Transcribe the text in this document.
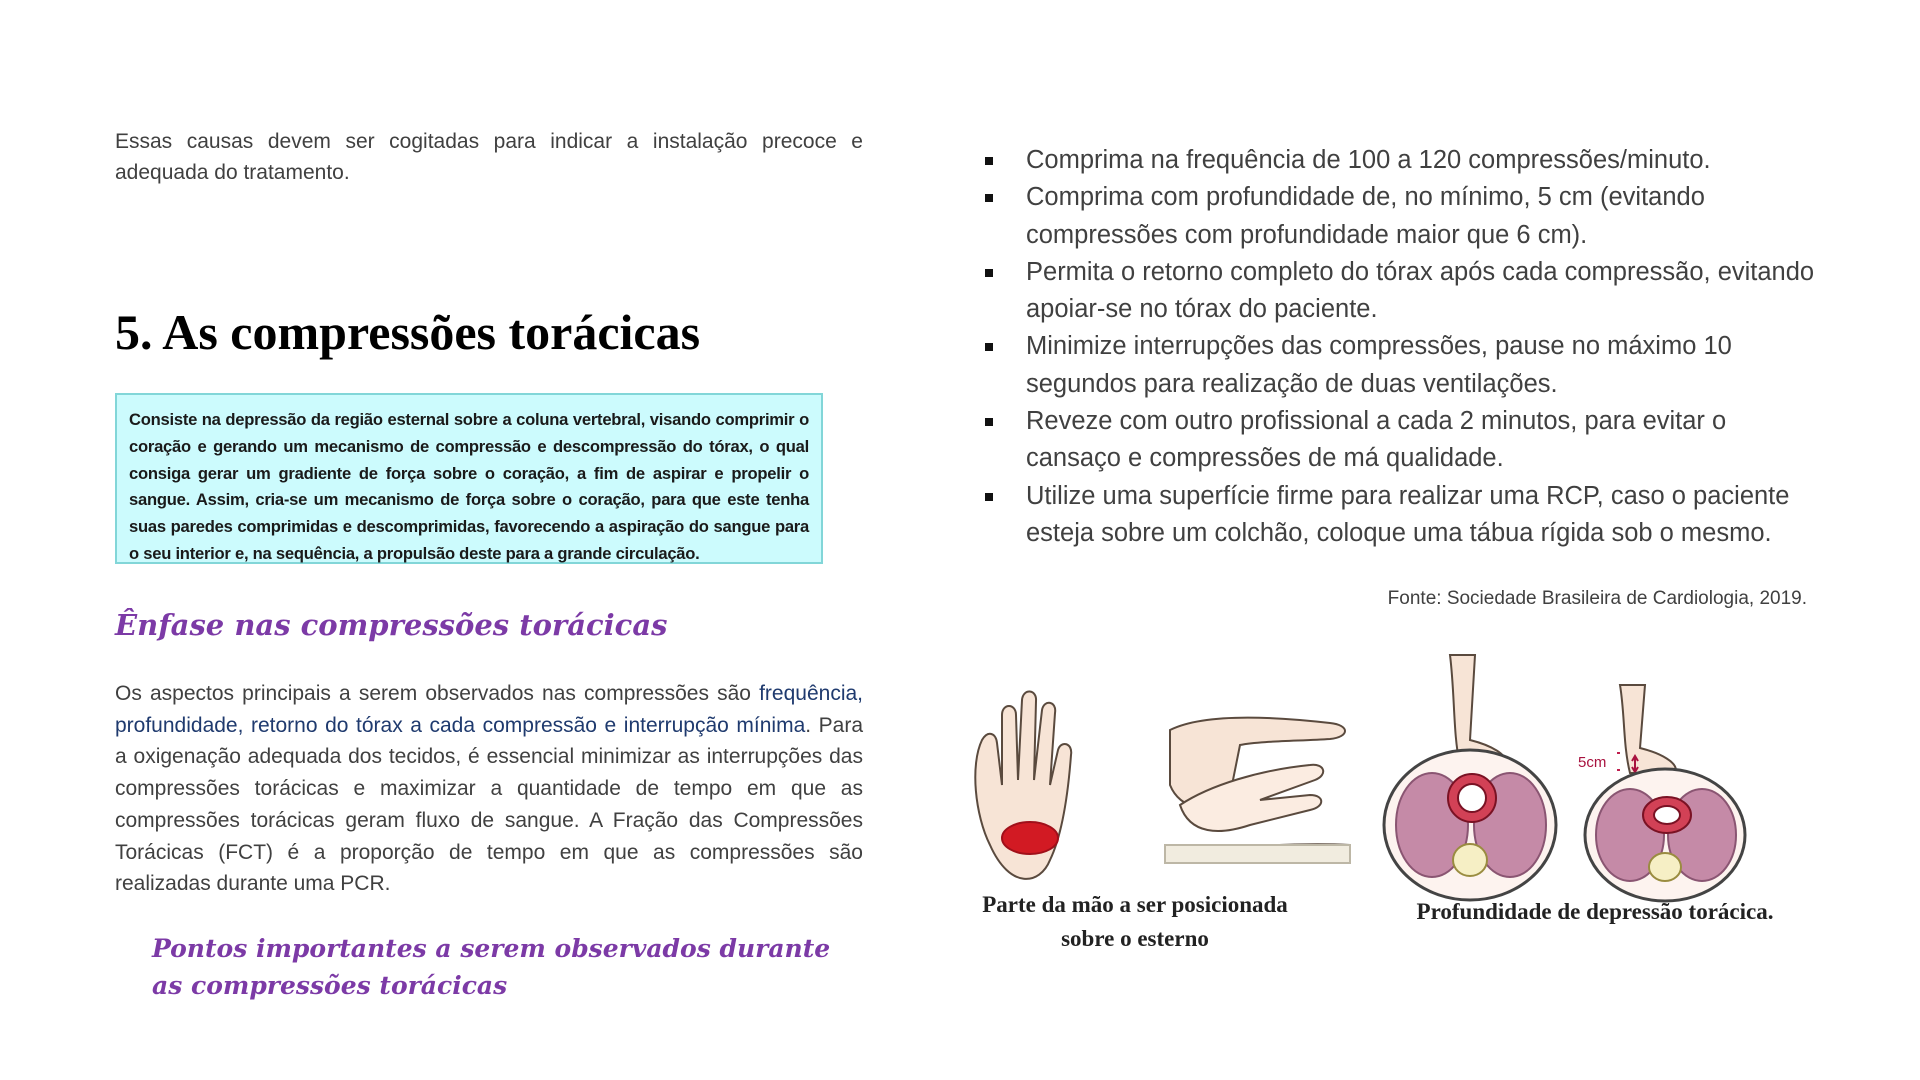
Essas causas devem ser cogitadas para indicar a instalação precoce e adequada do tratamento.

5. As compressões torácicas

Consiste na depressão da região esternal sobre a coluna vertebral, visando comprimir o coração e gerando um mecanismo de compressão e descompressão do tórax, o qual consiga gerar um gradiente de força sobre o coração, a fim de aspirar e propelir o sangue. Assim, cria-se um mecanismo de força sobre o coração, para que este tenha suas paredes comprimidas e descomprimidas, favorecendo a aspiração do sangue para o seu interior e, na sequência, a propulsão deste para a grande circulação.

Ênfase nas compressões torácicas

Os aspectos principais a serem observados nas compressões são frequência, profundidade, retorno do tórax a cada compressão e interrupção mínima. Para a oxigenação adequada dos tecidos, é essencial minimizar as interrupções das compressões torácicas e maximizar a quantidade de tempo em que as compressões torácicas geram fluxo de sangue. A Fração das Compressões Torácicas (FCT) é a proporção de tempo em que as compressões são realizadas durante uma PCR.

Pontos importantes a serem observados durante as compressões torácicas
Comprima na frequência de 100 a 120 compressões/minuto.
Comprima com profundidade de, no mínimo, 5 cm (evitando compressões com profundidade maior que 6 cm).
Permita o retorno completo do tórax após cada compressão, evitando apoiar-se no tórax do paciente.
Minimize interrupções das compressões, pause no máximo 10 segundos para realização de duas ventilações.
Reveze com outro profissional a cada 2 minutos, para evitar o cansaço e compressões de má qualidade.
Utilize uma superfície firme para realizar uma RCP, caso o paciente esteja sobre um colchão, coloque uma tábua rígida sob o mesmo.

Fonte: Sociedade Brasileira de Cardiologia, 2019.

5cm

Parte da mão a ser posicionada sobre o esterno

Profundidade de depressão torácica.
